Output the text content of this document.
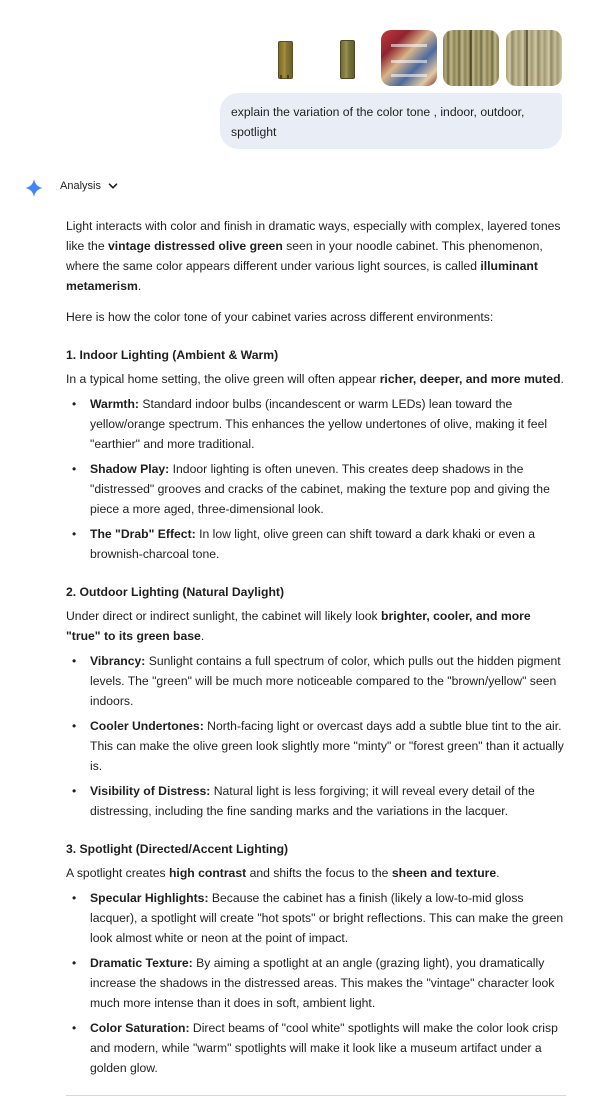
explain the variation of the color tone , indoor, outdoor, spotlight
Analysis

Light interacts with color and finish in dramatic ways, especially with complex, layered tones like the vintage distressed olive green seen in your noodle cabinet. This phenomenon, where the same color appears different under various light sources, is called illuminant metamerism.

Here is how the color tone of your cabinet varies across different environments:

1. Indoor Lighting (Ambient & Warm)

In a typical home setting, the olive green will often appear richer, deeper, and more muted.

• Warmth: Standard indoor bulbs (incandescent or warm LEDs) lean toward the yellow/orange spectrum. This enhances the yellow undertones of olive, making it feel "earthier" and more traditional.
• Shadow Play: Indoor lighting is often uneven. This creates deep shadows in the "distressed" grooves and cracks of the cabinet, making the texture pop and giving the piece a more aged, three-dimensional look.
• The "Drab" Effect: In low light, olive green can shift toward a dark khaki or even a brownish-charcoal tone.
2. Outdoor Lighting (Natural Daylight)

Under direct or indirect sunlight, the cabinet will likely look brighter, cooler, and more "true" to its green base.

• Vibrancy: Sunlight contains a full spectrum of color, which pulls out the hidden pigment levels. The "green" will be much more noticeable compared to the "brown/yellow" seen indoors.
• Cooler Undertones: North-facing light or overcast days add a subtle blue tint to the air. This can make the olive green look slightly more "minty" or "forest green" than it actually is.
• Visibility of Distress: Natural light is less forgiving; it will reveal every detail of the distressing, including the fine sanding marks and the variations in the lacquer.
3. Spotlight (Directed/Accent Lighting)

A spotlight creates high contrast and shifts the focus to the sheen and texture.

• Specular Highlights: Because the cabinet has a finish (likely a low-to-mid gloss lacquer), a spotlight will create "hot spots" or bright reflections. This can make the green look almost white or neon at the point of impact.
• Dramatic Texture: By aiming a spotlight at an angle (grazing light), you dramatically increase the shadows in the distressed areas. This makes the "vintage" character look much more intense than it does in soft, ambient light.
• Color Saturation: Direct beams of "cool white" spotlights will make the color look crisp and modern, while "warm" spotlights will make it look like a museum artifact under a golden glow.
